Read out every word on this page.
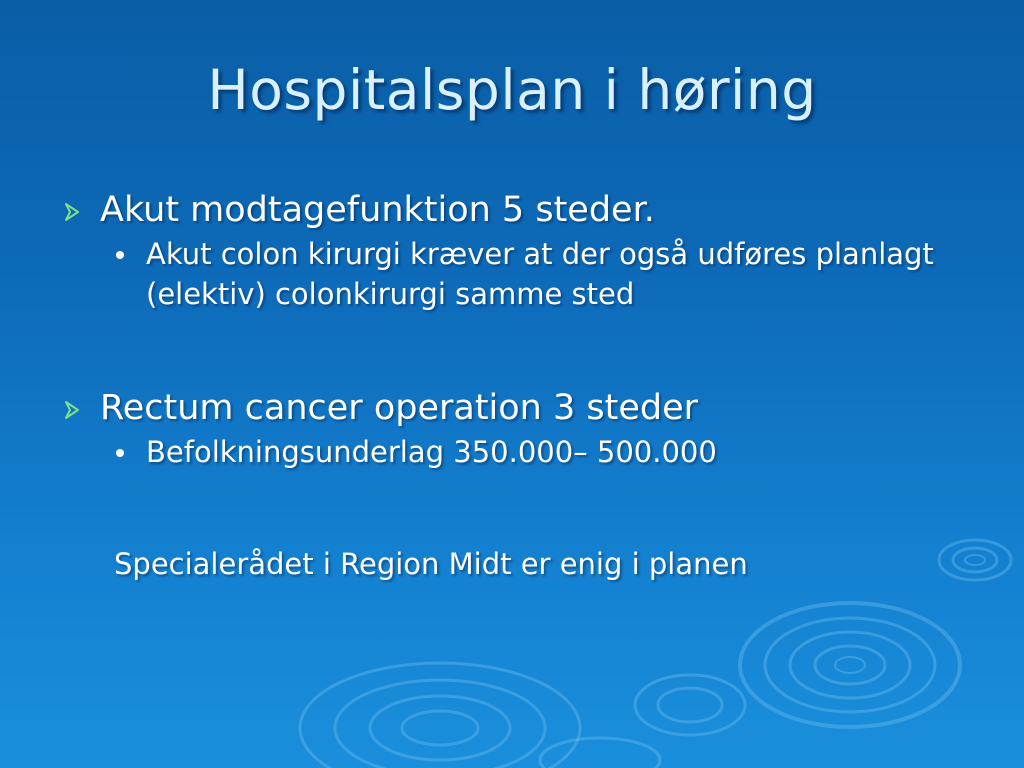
Hospitalsplan i høring
Akut modtagefunktion 5 steder.
Akut colon kirurgi kræver at der også udføres planlagt (elektiv) colonkirurgi samme sted
Rectum cancer operation 3 steder
Befolkningsunderlag 350.000– 500.000
Specialerådet i Region Midt er enig i planen
